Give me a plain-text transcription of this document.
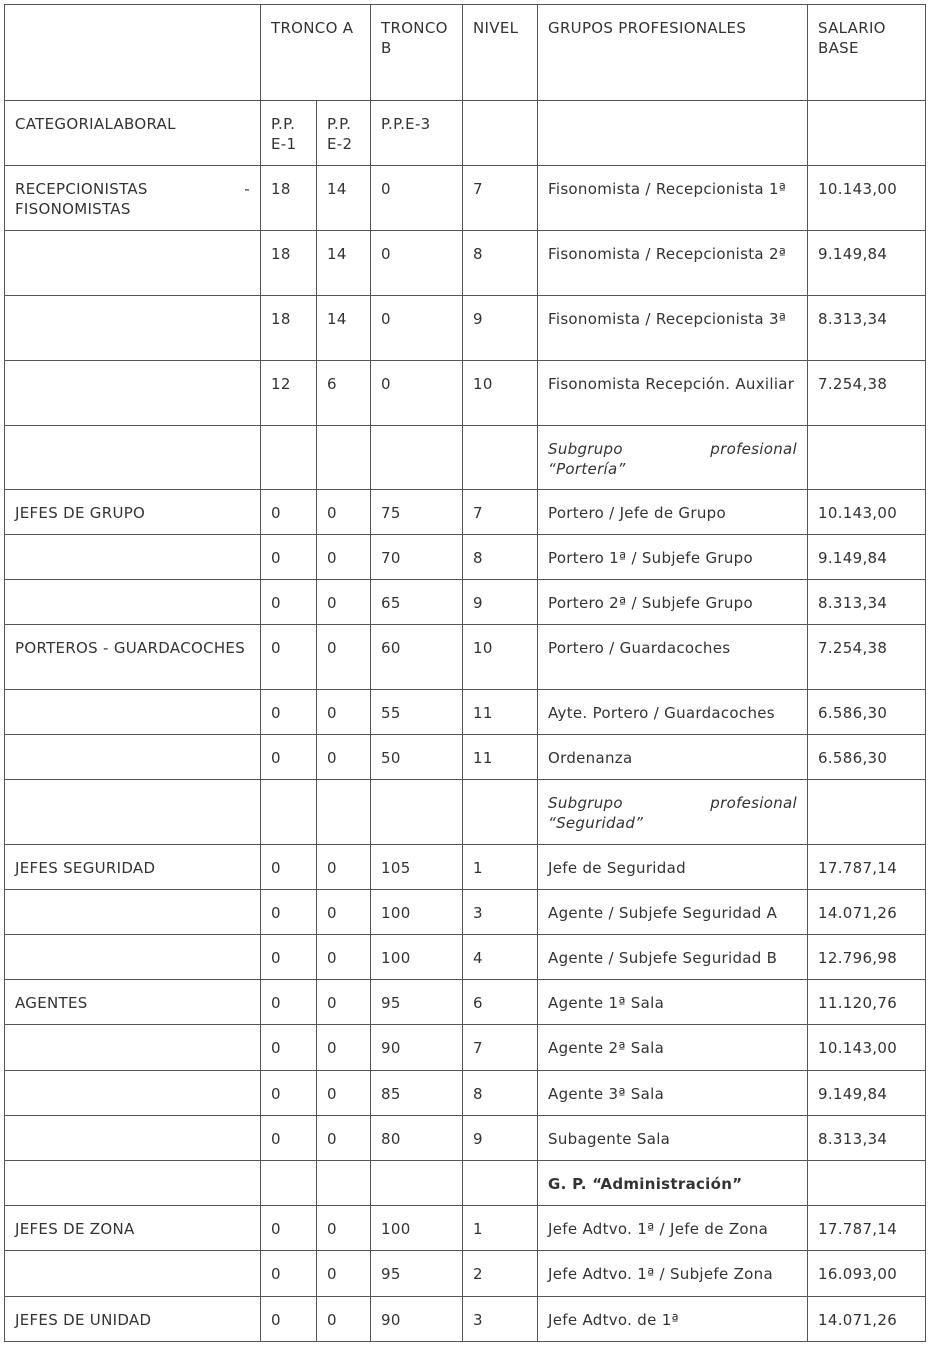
	TRONCO A		TRONCO B	NIVEL	GRUPOS PROFESIONALES	SALARIO BASE
CATEGORIALABORAL	P.P. E-1	P.P. E-2	P.P.E-3			
RECEPCIONISTAS - FISONOMISTAS	18	14	0	7	Fisonomista / Recepcionista 1ª	10.143,00
	18	14	0	8	Fisonomista / Recepcionista 2ª	9.149,84
	18	14	0	9	Fisonomista / Recepcionista 3ª	8.313,34
	12	6	0	10	Fisonomista Recepción. Auxiliar	7.254,38
					Subgrupo profesional “Portería”	
JEFES DE GRUPO	0	0	75	7	Portero / Jefe de Grupo	10.143,00
	0	0	70	8	Portero 1ª / Subjefe Grupo	9.149,84
	0	0	65	9	Portero 2ª / Subjefe Grupo	8.313,34
PORTEROS - GUARDACOCHES	0	0	60	10	Portero / Guardacoches	7.254,38
	0	0	55	11	Ayte. Portero / Guardacoches	6.586,30
	0	0	50	11	Ordenanza	6.586,30
					Subgrupo profesional “Seguridad”	
JEFES SEGURIDAD	0	0	105	1	Jefe de Seguridad	17.787,14
	0	0	100	3	Agente / Subjefe Seguridad A	14.071,26
	0	0	100	4	Agente / Subjefe Seguridad B	12.796,98
AGENTES	0	0	95	6	Agente 1ª Sala	11.120,76
	0	0	90	7	Agente 2ª Sala	10.143,00
	0	0	85	8	Agente 3ª Sala	9.149,84
	0	0	80	9	Subagente Sala	8.313,34
					G. P. “Administración”	
JEFES DE ZONA	0	0	100	1	Jefe Adtvo. 1ª / Jefe de Zona	17.787,14
	0	0	95	2	Jefe Adtvo. 1ª / Subjefe Zona	16.093,00
JEFES DE UNIDAD	0	0	90	3	Jefe Adtvo. de 1ª	14.071,26
